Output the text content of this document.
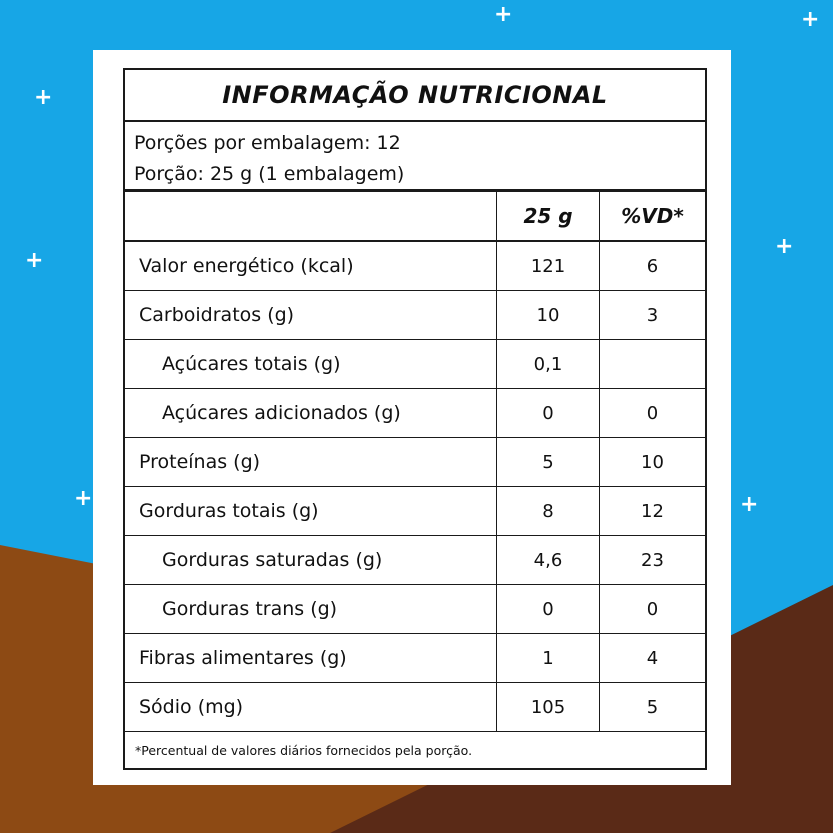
+	+
+
+
+
+	+
INFORMAÇÃO NUTRICIONAL
Porções por embalagem: 12
Porção: 25 g (1 embalagem)
25 g	%VD*
Valor energético (kcal)	121	6
Carboidratos (g)	10	3
Açúcares totais (g)	0,1
Açúcares adicionados (g)	0	0
Proteínas (g)	5	10
Gorduras totais (g)	8	12
Gorduras saturadas (g)	4,6	23
Gorduras trans (g)	0	0
Fibras alimentares (g)	1	4
Sódio (mg)	105	5
*Percentual de valores diários fornecidos pela porção.
